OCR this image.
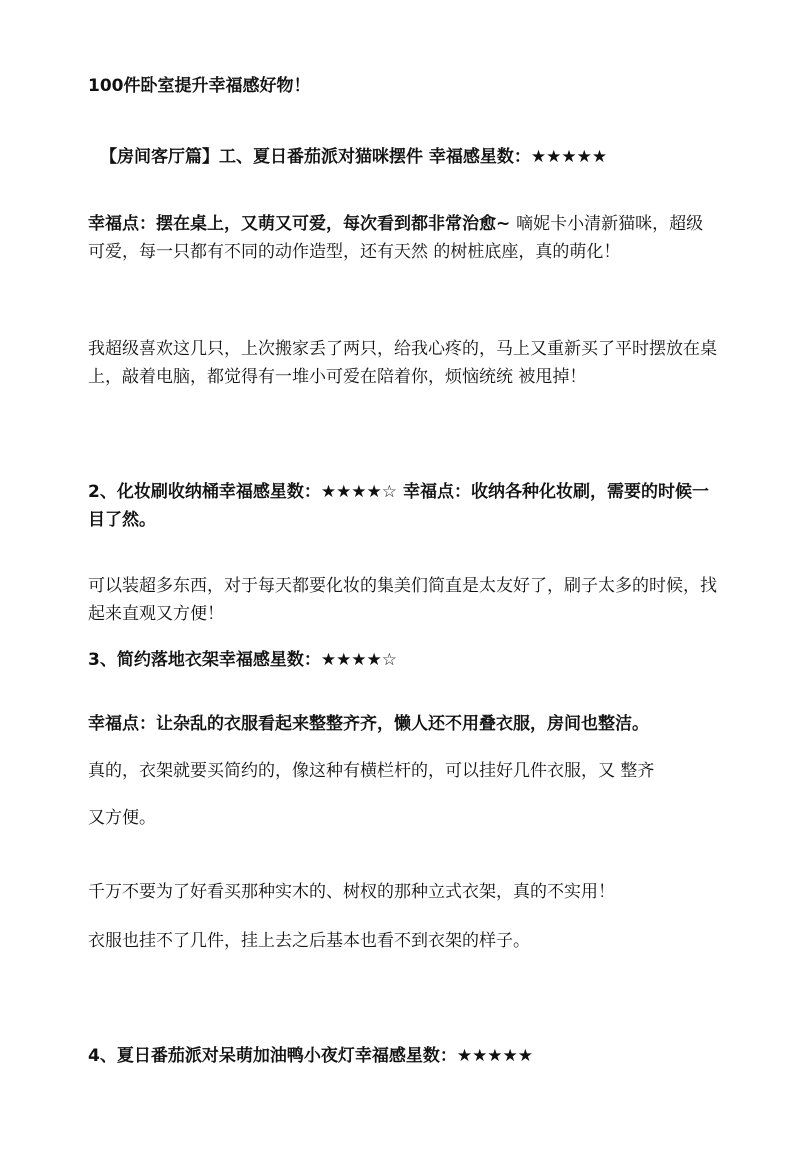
100件卧室提升幸福感好物！

【房间客厅篇】工、夏日番茄派对猫咪摆件 幸福感星数：★★★★★

幸福点：摆在桌上，又萌又可爱，每次看到都非常治愈~ 嘀妮卡小清新猫咪，超级可爱，每一只都有不同的动作造型，还有天然 的树桩底座，真的萌化！

我超级喜欢这几只，上次搬家丢了两只，给我心疼的，马上又重新买了平时摆放在桌上，敲着电脑，都觉得有一堆小可爱在陪着你，烦恼统统 被甩掉！

2、化妆刷收纳桶幸福感星数：★★★★☆ 幸福点：收纳各种化妆刷，需要的时候一目了然。

可以装超多东西，对于每天都要化妆的集美们简直是太友好了，刷子太多的时候，找起来直观又方便！

3、简约落地衣架幸福感星数：★★★★☆

幸福点：让杂乱的衣服看起来整整齐齐，懒人还不用叠衣服，房间也整洁。

真的，衣架就要买简约的，像这种有横栏杆的，可以挂好几件衣服，又 整齐

又方便。

千万不要为了好看买那种实木的、树杈的那种立式衣架，真的不实用！

衣服也挂不了几件，挂上去之后基本也看不到衣架的样子。

4、夏日番茄派对呆萌加油鸭小夜灯幸福感星数：★★★★★
